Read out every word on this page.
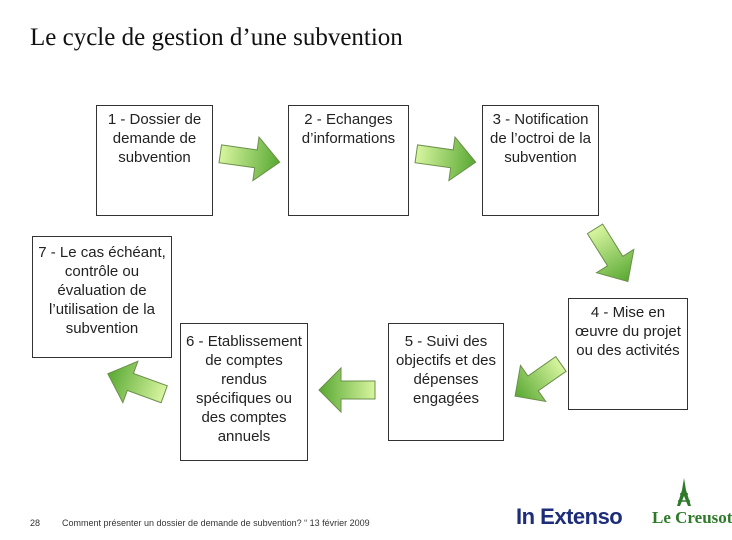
Le cycle de gestion d’une subvention
1 - Dossier de demande de subvention
2 - Echanges d’informations
3 - Notification de l’octroi de la subvention
4 - Mise en œuvre du projet ou des activités
5 - Suivi des objectifs et des dépenses engagées
6 - Etablissement de comptes rendus spécifiques ou des comptes annuels
7 - Le cas échéant, contrôle ou évaluation de l’utilisation de la subvention
28 Comment présenter un dossier de demande de subvention? “ 13 février 2009	In Extenso Le Creusot
